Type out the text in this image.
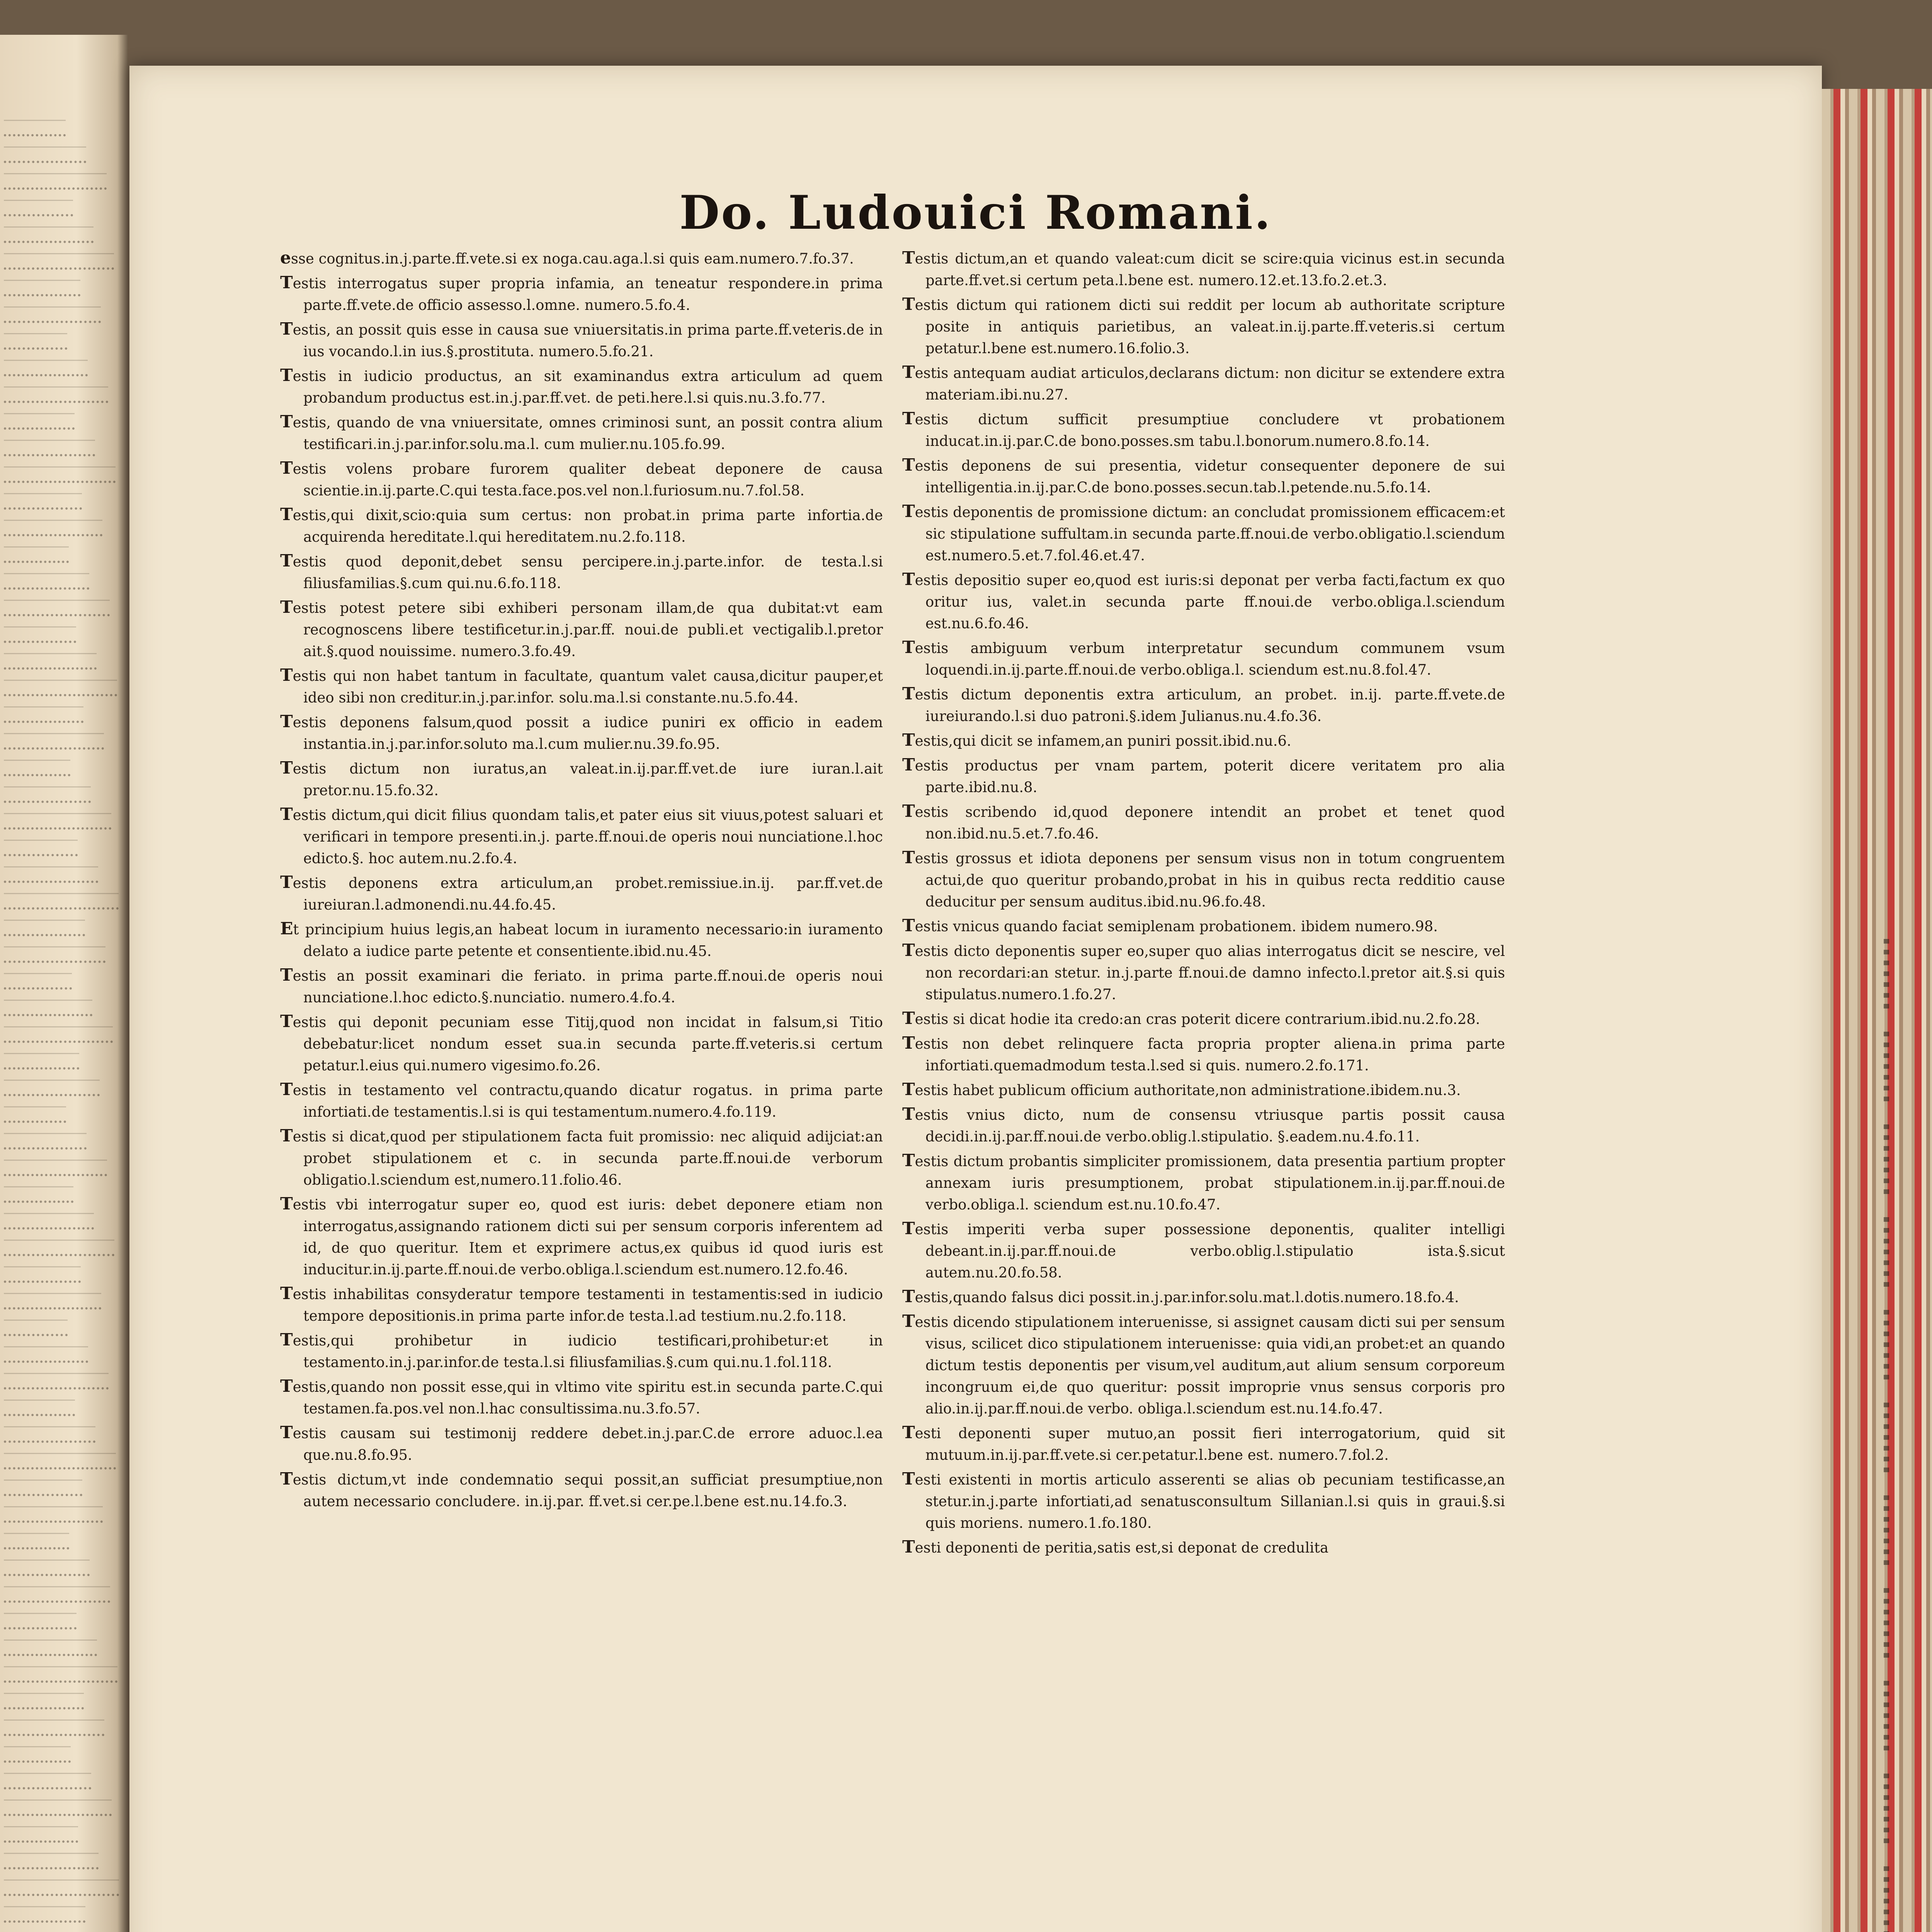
Do. Ludouici Romani.

esse cognitus.in.j.parte.ff.vete.si ex noga.cau.aga.l.si quis eam.numero.7.fo.37.

Testis interrogatus super propria infamia, an teneatur respondere.in prima parte.ff.vete.de officio assesso.l.omne. numero.5.fo.4.

Testis, an possit quis esse in causa sue vniuersitatis.in prima parte.ff.veteris.de in ius vocando.l.in ius.§.prostituta. numero.5.fo.21.

Testis in iudicio productus, an sit examinandus extra articulum ad quem probandum productus est.in.j.par.ff.vet. de peti.here.l.si quis.nu.3.fo.77.

Testis, quando de vna vniuersitate, omnes criminosi sunt, an possit contra alium testificari.in.j.par.infor.solu.ma.l. cum mulier.nu.105.fo.99.

Testis volens probare furorem qualiter debeat deponere de causa scientie.in.ij.parte.C.qui testa.face.pos.vel non.l.furiosum.nu.7.fol.58.

Testis,qui dixit,scio:quia sum certus: non probat.in prima parte infortia.de acquirenda hereditate.l.qui hereditatem.nu.2.fo.118.

Testis quod deponit,debet sensu percipere.in.j.parte.infor. de testa.l.si filiusfamilias.§.cum qui.nu.6.fo.118.

Testis potest petere sibi exhiberi personam illam,de qua dubitat:vt eam recognoscens libere testificetur.in.j.par.ff. noui.de publi.et vectigalib.l.pretor ait.§.quod nouissime. numero.3.fo.49.

Testis qui non habet tantum in facultate, quantum valet causa,dicitur pauper,et ideo sibi non creditur.in.j.par.infor. solu.ma.l.si constante.nu.5.fo.44.

Testis deponens falsum,quod possit a iudice puniri ex officio in eadem instantia.in.j.par.infor.soluto ma.l.cum mulier.nu.39.fo.95.

Testis dictum non iuratus,an valeat.in.ij.par.ff.vet.de iure iuran.l.ait pretor.nu.15.fo.32.

Testis dictum,qui dicit filius quondam talis,et pater eius sit viuus,potest saluari et verificari in tempore presenti.in.j. parte.ff.noui.de operis noui nunciatione.l.hoc edicto.§. hoc autem.nu.2.fo.4.

Testis deponens extra articulum,an probet.remissiue.in.ij. par.ff.vet.de iureiuran.l.admonendi.nu.44.fo.45.

Et principium huius legis,an habeat locum in iuramento necessario:in iuramento delato a iudice parte petente et consentiente.ibid.nu.45.

Testis an possit examinari die feriato. in prima parte.ff.noui.de operis noui nunciatione.l.hoc edicto.§.nunciatio. numero.4.fo.4.

Testis qui deponit pecuniam esse Titij,quod non incidat in falsum,si Titio debebatur:licet nondum esset sua.in secunda parte.ff.veteris.si certum petatur.l.eius qui.numero vigesimo.fo.26.

Testis in testamento vel contractu,quando dicatur rogatus. in prima parte infortiati.de testamentis.l.si is qui testamentum.numero.4.fo.119.

Testis si dicat,quod per stipulationem facta fuit promissio: nec aliquid adijciat:an probet stipulationem et c. in secunda parte.ff.noui.de verborum obligatio.l.sciendum est,numero.11.folio.46.

Testis vbi interrogatur super eo, quod est iuris: debet deponere etiam non interrogatus,assignando rationem dicti sui per sensum corporis inferentem ad id, de quo queritur. Item et exprimere actus,ex quibus id quod iuris est inducitur.in.ij.parte.ff.noui.de verbo.obliga.l.sciendum est.numero.12.fo.46.

Testis inhabilitas consyderatur tempore testamenti in testamentis:sed in iudicio tempore depositionis.in prima parte infor.de testa.l.ad testium.nu.2.fo.118.

Testis,qui prohibetur in iudicio testificari,prohibetur:et in testamento.in.j.par.infor.de testa.l.si filiusfamilias.§.cum qui.nu.1.fol.118.

Testis,quando non possit esse,qui in vltimo vite spiritu est.in secunda parte.C.qui testamen.fa.pos.vel non.l.hac consultissima.nu.3.fo.57.

Testis causam sui testimonij reddere debet.in.j.par.C.de errore aduoc.l.ea que.nu.8.fo.95.

Testis dictum,vt inde condemnatio sequi possit,an sufficiat presumptiue,non autem necessario concludere. in.ij.par. ff.vet.si cer.pe.l.bene est.nu.14.fo.3.

Testis dictum,an et quando valeat:cum dicit se scire:quia vicinus est.in secunda parte.ff.vet.si certum peta.l.bene est. numero.12.et.13.fo.2.et.3.

Testis dictum qui rationem dicti sui reddit per locum ab authoritate scripture posite in antiquis parietibus, an valeat.in.ij.parte.ff.veteris.si certum petatur.l.bene est.numero.16.folio.3.

Testis antequam audiat articulos,declarans dictum: non dicitur se extendere extra materiam.ibi.nu.27.

Testis dictum sufficit presumptiue concludere vt probationem inducat.in.ij.par.C.de bono.posses.sm tabu.l.bonorum.numero.8.fo.14.

Testis deponens de sui presentia, videtur consequenter deponere de sui intelligentia.in.ij.par.C.de bono.posses.secun.tab.l.petende.nu.5.fo.14.

Testis deponentis de promissione dictum: an concludat promissionem efficacem:et sic stipulatione suffultam.in secunda parte.ff.noui.de verbo.obligatio.l.sciendum est.numero.5.et.7.fol.46.et.47.

Testis depositio super eo,quod est iuris:si deponat per verba facti,factum ex quo oritur ius, valet.in secunda parte ff.noui.de verbo.obliga.l.sciendum est.nu.6.fo.46.

Testis ambiguum verbum interpretatur secundum communem vsum loquendi.in.ij.parte.ff.noui.de verbo.obliga.l. sciendum est.nu.8.fol.47.

Testis dictum deponentis extra articulum, an probet. in.ij. parte.ff.vete.de iureiurando.l.si duo patroni.§.idem Julianus.nu.4.fo.36.

Testis,qui dicit se infamem,an puniri possit.ibid.nu.6.

Testis productus per vnam partem, poterit dicere veritatem pro alia parte.ibid.nu.8.

Testis scribendo id,quod deponere intendit an probet et tenet quod non.ibid.nu.5.et.7.fo.46.

Testis grossus et idiota deponens per sensum visus non in totum congruentem actui,de quo queritur probando,probat in his in quibus recta redditio cause deducitur per sensum auditus.ibid.nu.96.fo.48.

Testis vnicus quando faciat semiplenam probationem. ibidem numero.98.

Testis dicto deponentis super eo,super quo alias interrogatus dicit se nescire, vel non recordari:an stetur. in.j.parte ff.noui.de damno infecto.l.pretor ait.§.si quis stipulatus.numero.1.fo.27.

Testis si dicat hodie ita credo:an cras poterit dicere contrarium.ibid.nu.2.fo.28.

Testis non debet relinquere facta propria propter aliena.in prima parte infortiati.quemadmodum testa.l.sed si quis. numero.2.fo.171.

Testis habet publicum officium authoritate,non administratione.ibidem.nu.3.

Testis vnius dicto, num de consensu vtriusque partis possit causa decidi.in.ij.par.ff.noui.de verbo.oblig.l.stipulatio. §.eadem.nu.4.fo.11.

Testis dictum probantis simpliciter promissionem, data presentia partium propter annexam iuris presumptionem, probat stipulationem.in.ij.par.ff.noui.de verbo.obliga.l. sciendum est.nu.10.fo.47.

Testis imperiti verba super possessione deponentis, qualiter intelligi debeant.in.ij.par.ff.noui.de verbo.oblig.l.stipulatio ista.§.sicut autem.nu.20.fo.58.

Testis,quando falsus dici possit.in.j.par.infor.solu.mat.l.dotis.numero.18.fo.4.

Testis dicendo stipulationem interuenisse, si assignet causam dicti sui per sensum visus, scilicet dico stipulationem interuenisse: quia vidi,an probet:et an quando dictum testis deponentis per visum,vel auditum,aut alium sensum corporeum incongruum ei,de quo queritur: possit improprie vnus sensus corporis pro alio.in.ij.par.ff.noui.de verbo. obliga.l.sciendum est.nu.14.fo.47.

Testi deponenti super mutuo,an possit fieri interrogatorium, quid sit mutuum.in.ij.par.ff.vete.si cer.petatur.l.bene est. numero.7.fol.2.

Testi existenti in mortis articulo asserenti se alias ob pecuniam testificasse,an stetur.in.j.parte infortiati,ad senatusconsultum Sillanian.l.si quis in graui.§.si quis moriens. numero.1.fo.180.

Testi deponenti de peritia,satis est,si deponat de credulita
